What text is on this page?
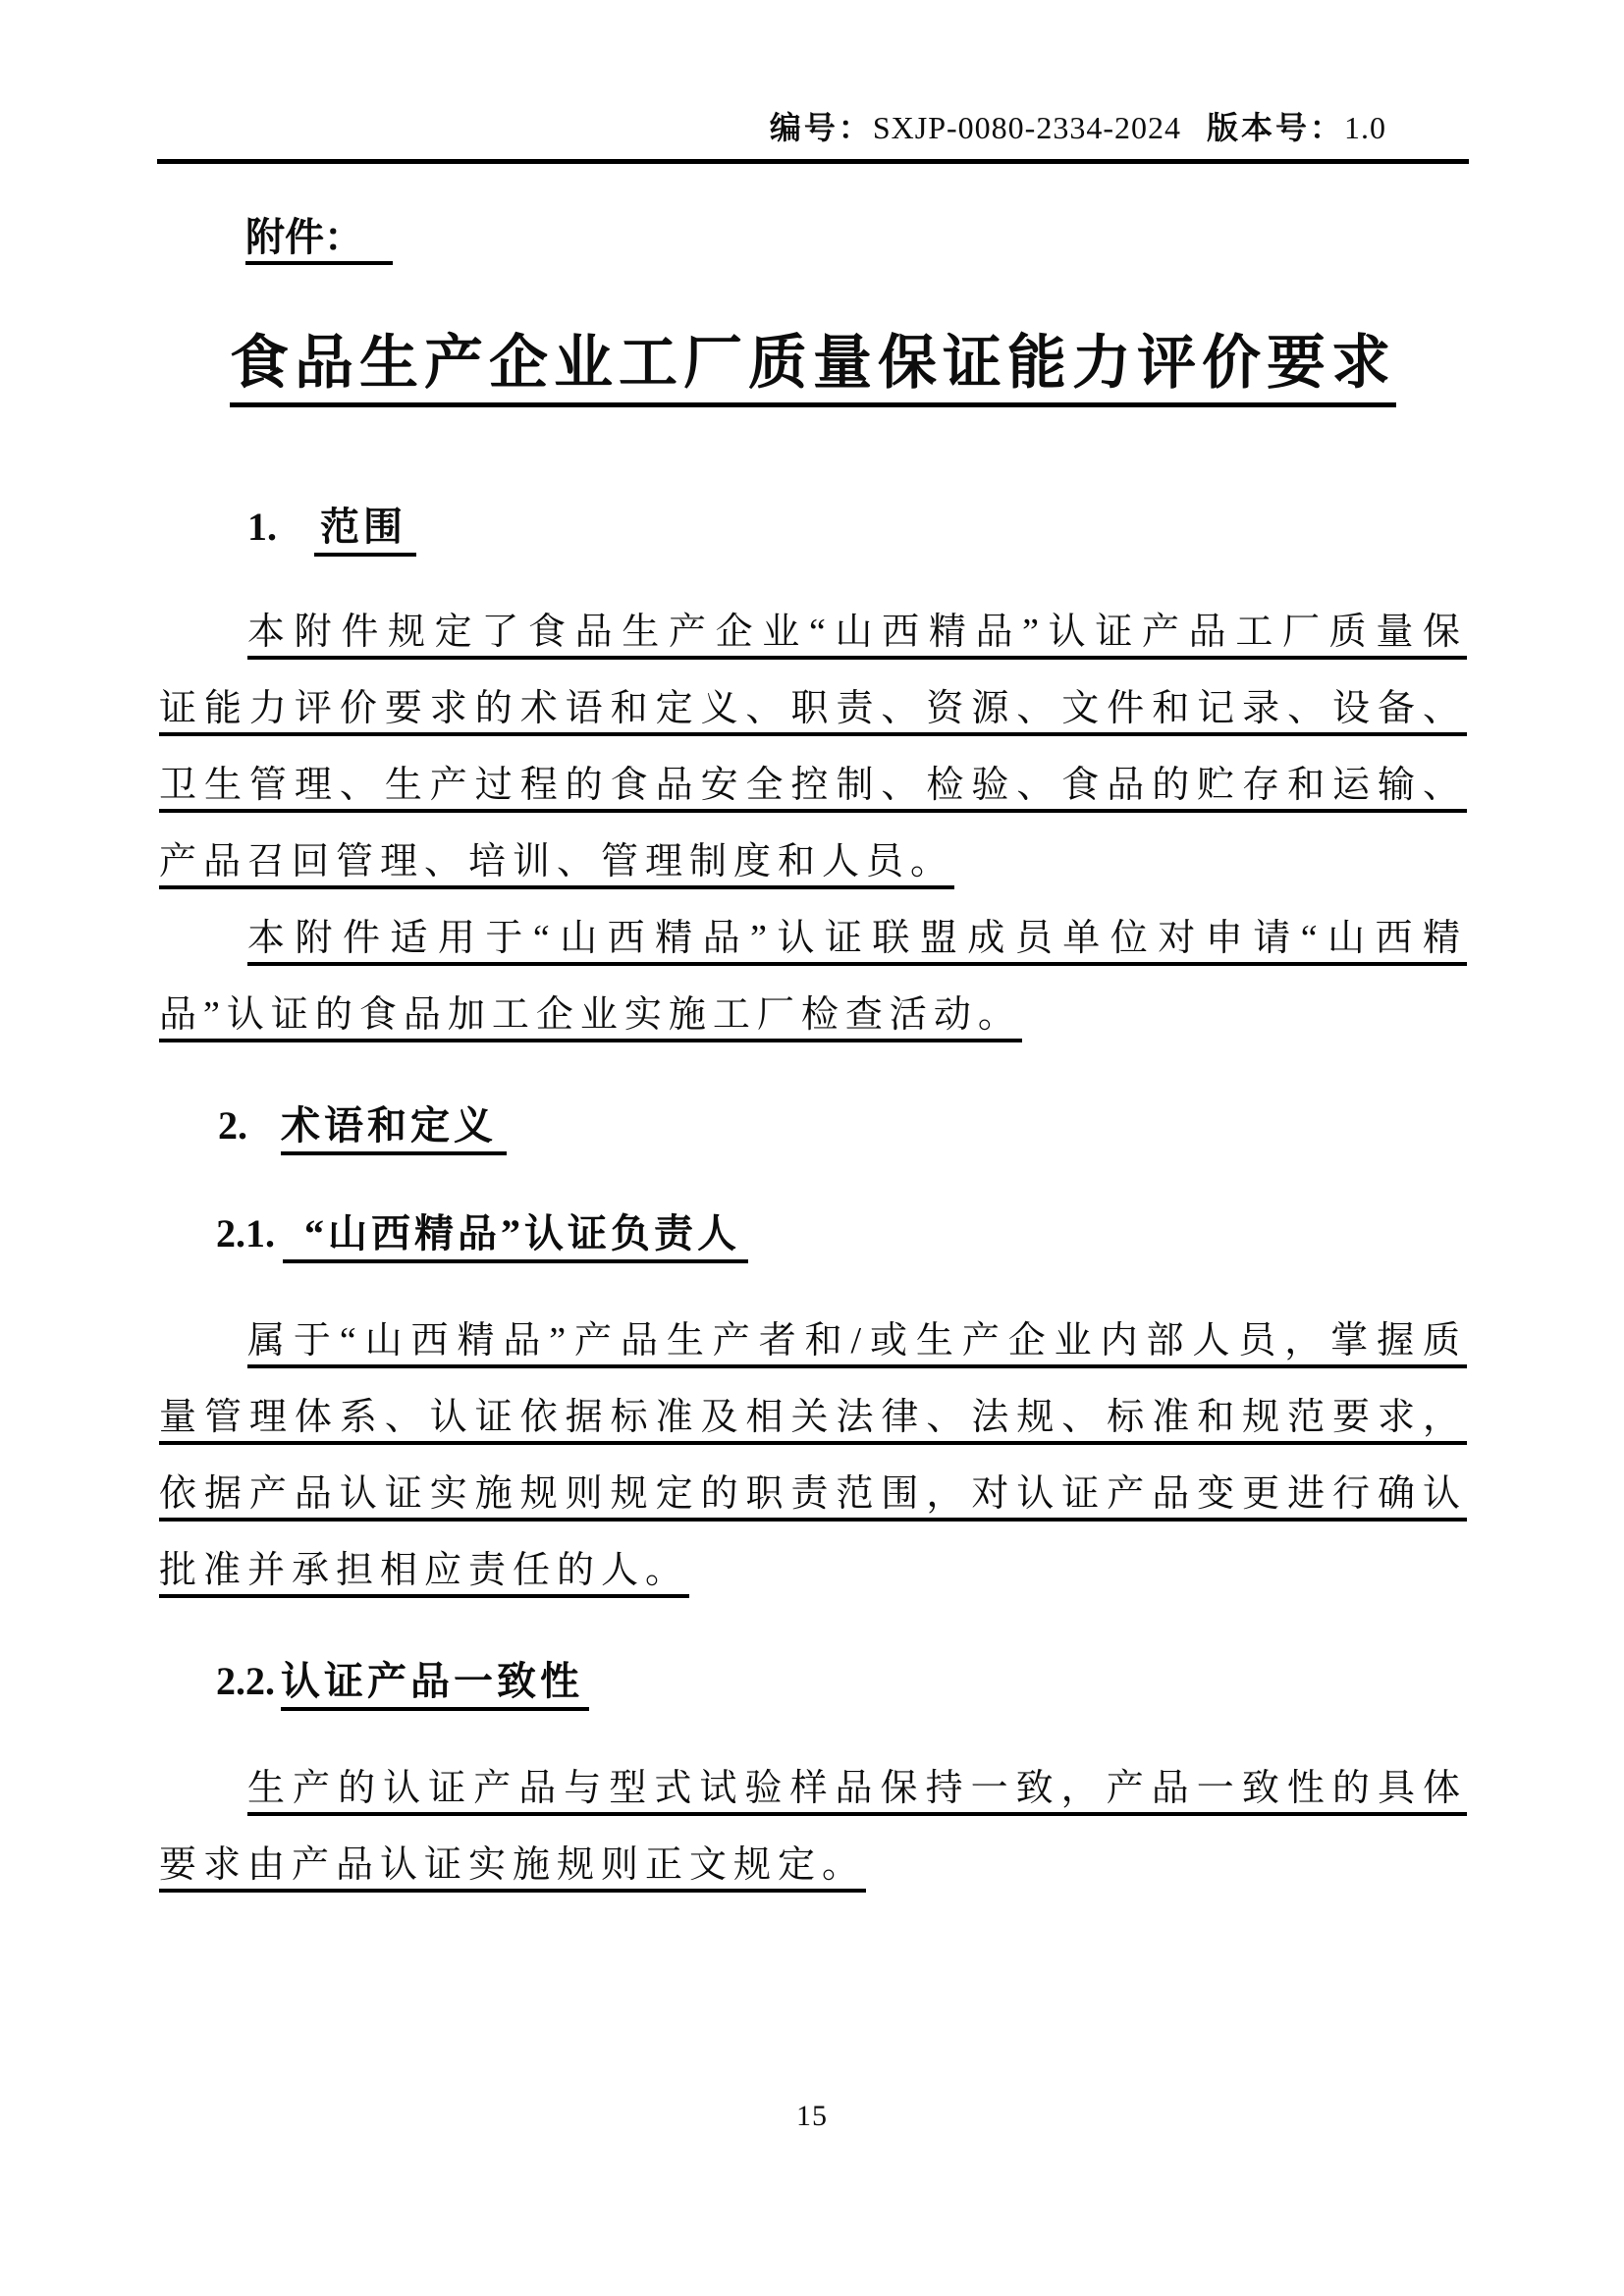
编号：SXJP-0080-2334-2024 版本号：1.0
附件：
食品生产企业工厂质量保证能力评价要求
1. 范围
本附件规定了食品生产企业“山西精品”认证产品工厂质量保
证能力评价要求的术语和定义、职责、资源、文件和记录、设备、
卫生管理、生产过程的食品安全控制、检验、食品的贮存和运输、
产品召回管理、培训、管理制度和人员。
本附件适用于“山西精品”认证联盟成员单位对申请“山西精
品”认证的食品加工企业实施工厂检查活动。
2. 术语和定义
2.1. “山西精品”认证负责人
属于“山西精品”产品生产者和/或生产企业内部人员，掌握质
量管理体系、认证依据标准及相关法律、法规、标准和规范要求，
依据产品认证实施规则规定的职责范围，对认证产品变更进行确认
批准并承担相应责任的人。
2.2. 认证产品一致性
生产的认证产品与型式试验样品保持一致，产品一致性的具体
要求由产品认证实施规则正文规定。
15
